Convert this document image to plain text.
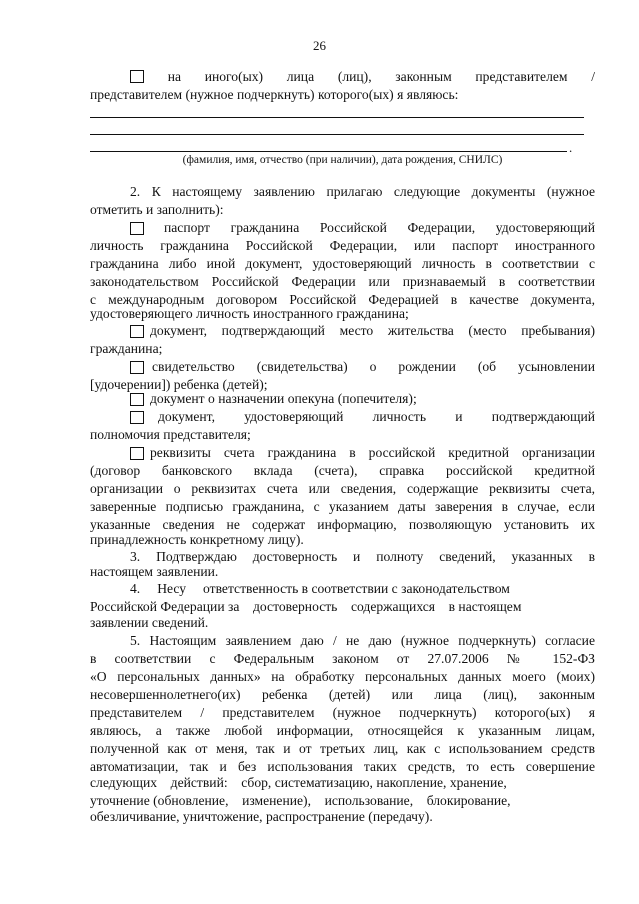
26
на иного(ых) лица (лиц), законным представителем /
представителем (нужное подчеркнуть) которого(ых) я являюсь:
.
(фамилия, имя, отчество (при наличии), дата рождения, СНИЛС)
2. К настоящему заявлению прилагаю следующие документы (нужное
отметить и заполнить):
паспорт гражданина Российской Федерации, удостоверяющий
личность гражданина Российской Федерации, или паспорт иностранного
гражданина либо иной документ, удостоверяющий личность в соответствии с
законодательством Российской Федерации или признаваемый в соответствии
с международным договором Российской Федерацией в качестве документа,
удостоверяющего личность иностранного гражданина;
документ, подтверждающий место жительства (место пребывания)
гражданина;
свидетельство (свидетельства) о рождении (об усыновлении
[удочерении]) ребенка (детей);
документ о назначении опекуна (попечителя);
документ, удостоверяющий личность и подтверждающий
полномочия представителя;
реквизиты счета гражданина в российской кредитной организации
(договор банковского вклада (счета), справка российской кредитной
организации о реквизитах счета или сведения, содержащие реквизиты счета,
заверенные подписью гражданина, с указанием даты заверения в случае, если
указанные сведения не содержат информацию, позволяющую установить их
принадлежность конкретному лицу).
3. Подтверждаю достоверность и полноту сведений, указанных в
настоящем заявлении.
4.     Несу     ответственность в соответствии с законодательством
Российской Федерации за    достоверность    содержащихся    в настоящем
заявлении сведений.
5. Настоящим заявлением даю / не даю (нужное подчеркнуть) согласие
в соответствии с Федеральным законом от 27.07.2006 № 152-ФЗ
«О персональных данных» на обработку персональных данных моего (моих)
несовершеннолетнего(их) ребенка (детей) или лица (лиц), законным
представителем / представителем (нужное подчеркнуть) которого(ых) я
являюсь, а также любой информации, относящейся к указанным лицам,
полученной как от меня, так и от третьих лиц, как с использованием средств
автоматизации, так и без использования таких средств, то есть совершение
следующих    действий:    сбор, систематизацию, накопление, хранение,
уточнение (обновление,    изменение),    использование,    блокирование,
обезличивание, уничтожение, распространение (передачу).
